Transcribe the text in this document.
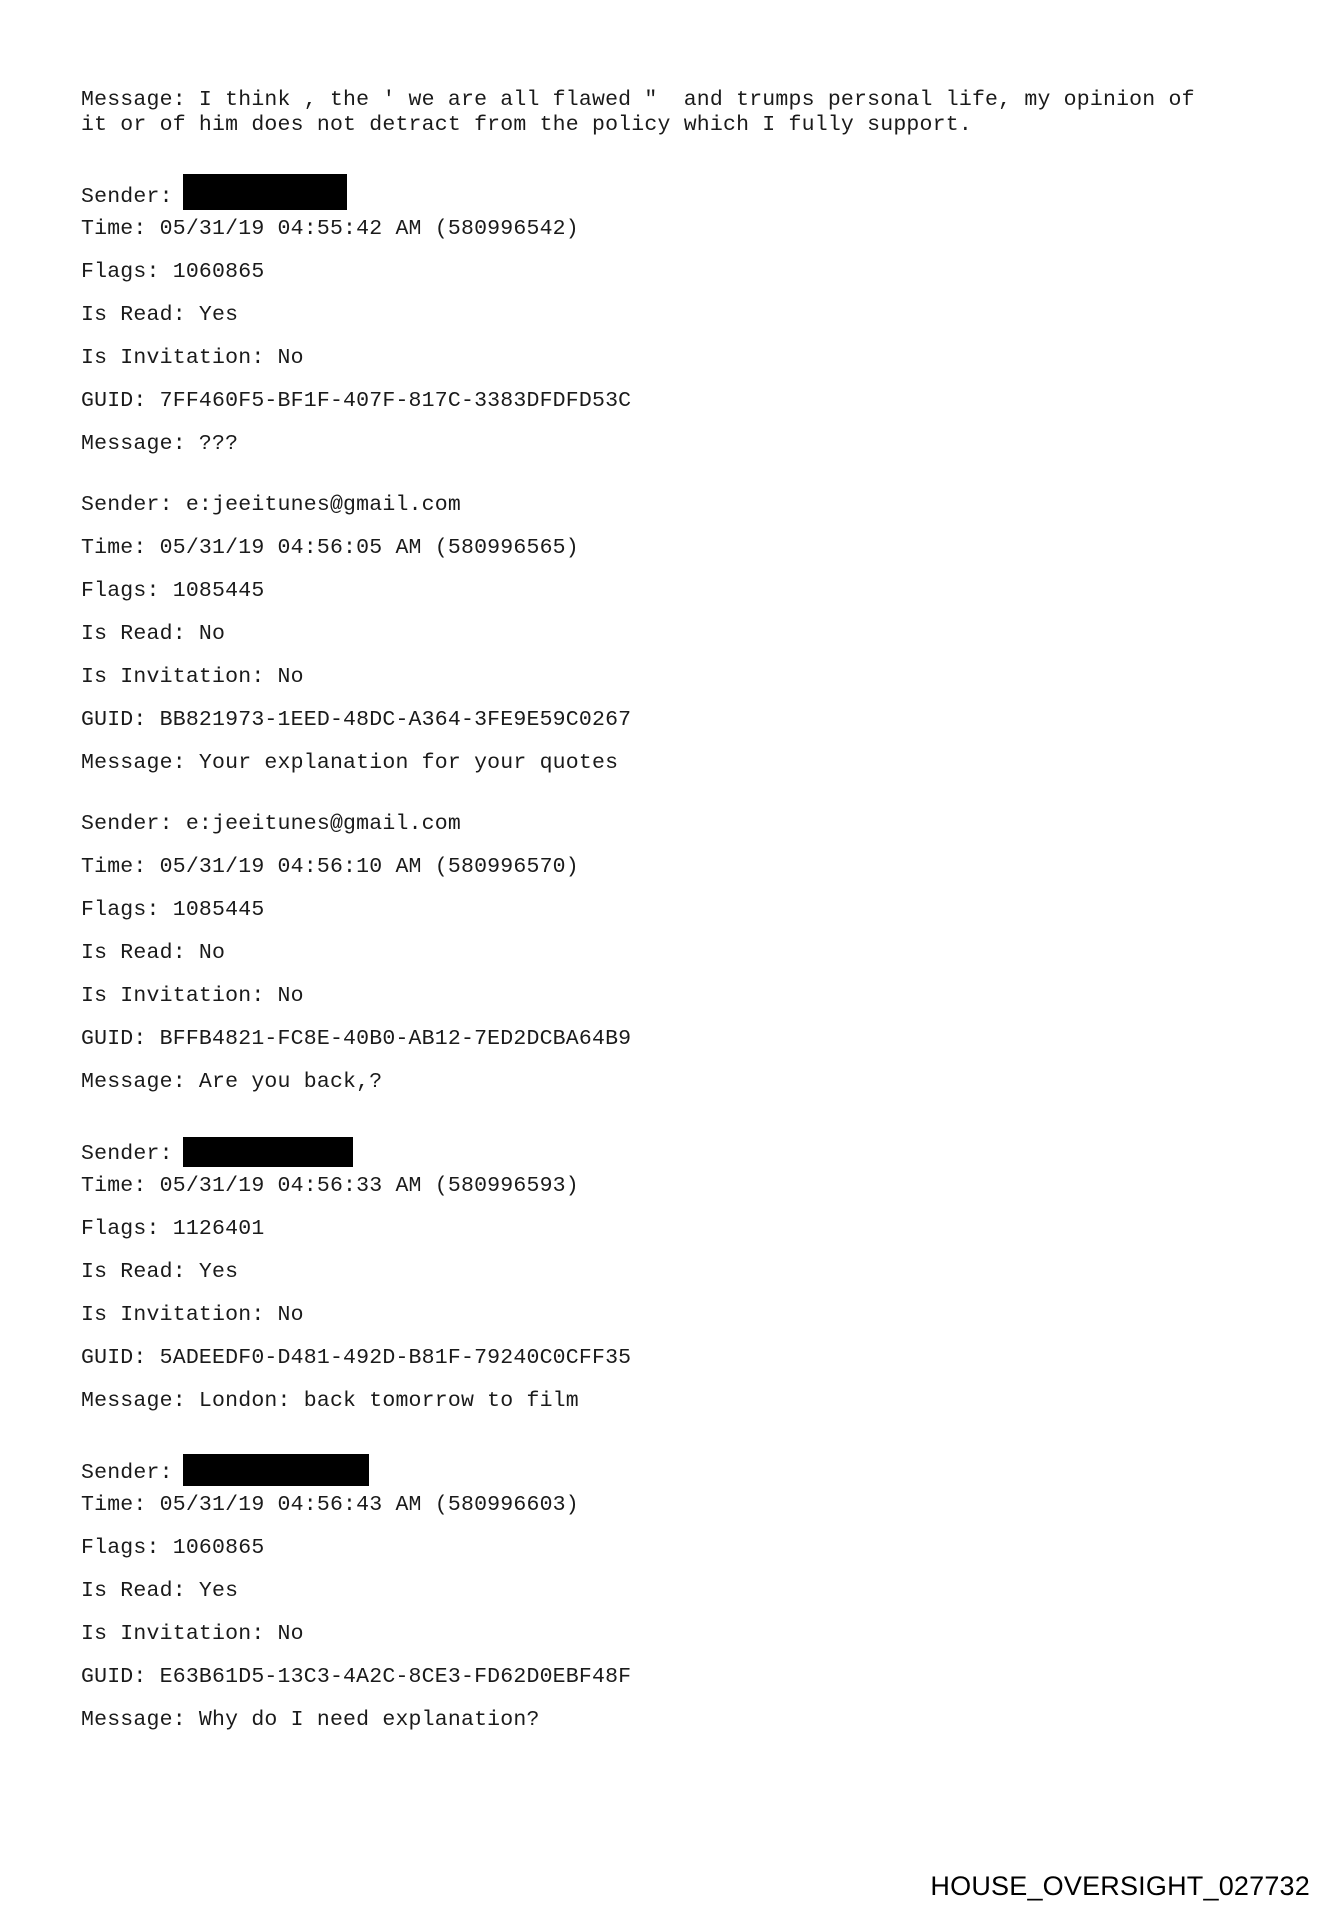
Message: I think , the ' we are all flawed "  and trumps personal life, my opinion of
it or of him does not detract from the policy which I fully support.

Sender:
Time: 05/31/19 04:55:42 AM (580996542)
Flags: 1060865
Is Read: Yes
Is Invitation: No
GUID: 7FF460F5-BF1F-407F-817C-3383DFDFD53C
Message: ???
Sender: e:jeeitunes@gmail.com
Time: 05/31/19 04:56:05 AM (580996565)
Flags: 1085445
Is Read: No
Is Invitation: No
GUID: BB821973-1EED-48DC-A364-3FE9E59C0267
Message: Your explanation for your quotes
Sender: e:jeeitunes@gmail.com
Time: 05/31/19 04:56:10 AM (580996570)
Flags: 1085445
Is Read: No
Is Invitation: No
GUID: BFFB4821-FC8E-40B0-AB12-7ED2DCBA64B9
Message: Are you back,?
Sender:
Time: 05/31/19 04:56:33 AM (580996593)
Flags: 1126401
Is Read: Yes
Is Invitation: No
GUID: 5ADEEDF0-D481-492D-B81F-79240C0CFF35
Message: London: back tomorrow to film
Sender:
Time: 05/31/19 04:56:43 AM (580996603)
Flags: 1060865
Is Read: Yes
Is Invitation: No
GUID: E63B61D5-13C3-4A2C-8CE3-FD62D0EBF48F
Message: Why do I need explanation?
HOUSE_OVERSIGHT_027732
